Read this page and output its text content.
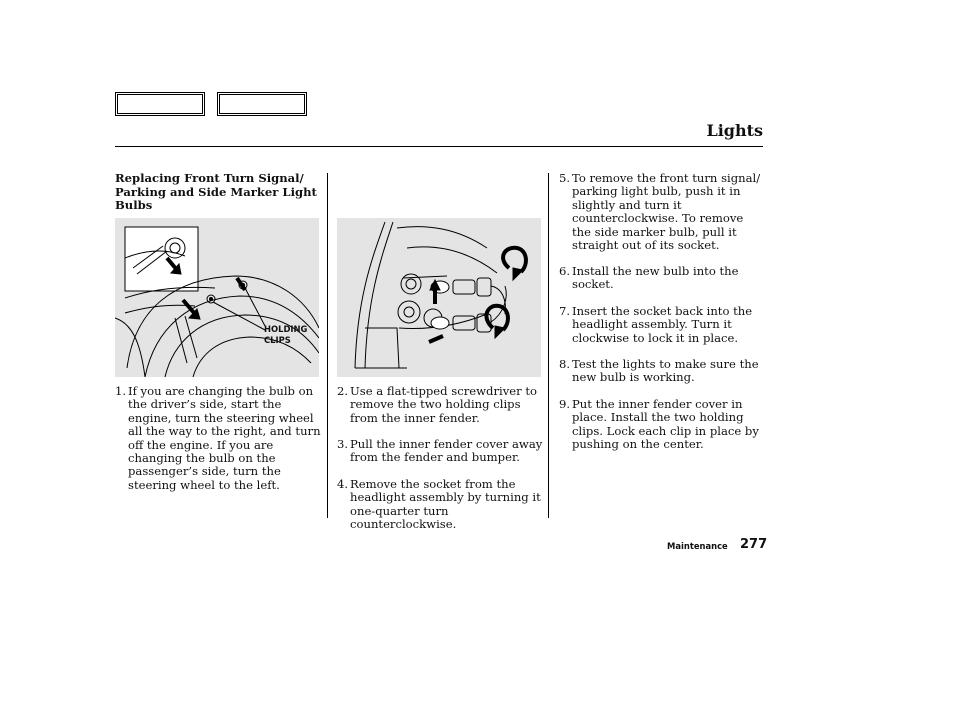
Lights
Replacing Front Turn Signal/
Parking and Side Marker Light
Bulbs
HOLDING
CLIPS
1. If you are changing the bulb on the driver’s side, start the engine, turn the steering wheel all the way to the right, and turn off the engine. If you are changing the bulb on the passenger’s side, turn the steering wheel to the left.
2. Use a flat-tipped screwdriver to remove the two holding clips from the inner fender.
3. Pull the inner fender cover away from the fender and bumper.
4. Remove the socket from the headlight assembly by turning it one-quarter turn counterclockwise.
5. To remove the front turn signal/ parking light bulb, push it in slightly and turn it counterclockwise. To remove the side marker bulb, pull it straight out of its socket.
6. Install the new bulb into the socket.
7. Insert the socket back into the headlight assembly. Turn it clockwise to lock it in place.
8. Test the lights to make sure the new bulb is working.
9. Put the inner fender cover in place. Install the two holding clips. Lock each clip in place by pushing on the center.
Maintenance 277
